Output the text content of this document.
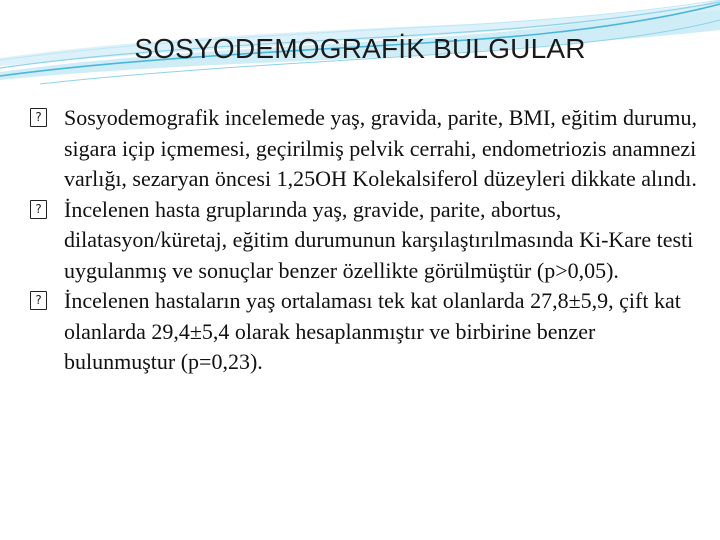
SOSYODEMOGRAFİK BULGULAR
?
Sosyodemografik incelemede yaş, gravida, parite, BMI, eğitim durumu, sigara içip içmemesi, geçirilmiş pelvik cerrahi, endometriozis anamnezi varlığı, sezaryan öncesi 1,25OH Kolekalsiferol düzeyleri dikkate alındı.
?
İncelenen hasta gruplarında yaş, gravide, parite, abortus, dilatasyon/küretaj, eğitim durumunun karşılaştırılmasında Ki-Kare testi uygulanmış ve sonuçlar benzer özellikte görülmüştür (p>0,05).
?
İncelenen hastaların yaş ortalaması tek kat olanlarda 27,8±5,9, çift kat olanlarda 29,4±5,4 olarak hesaplanmıştır ve birbirine benzer bulunmuştur (p=0,23).
